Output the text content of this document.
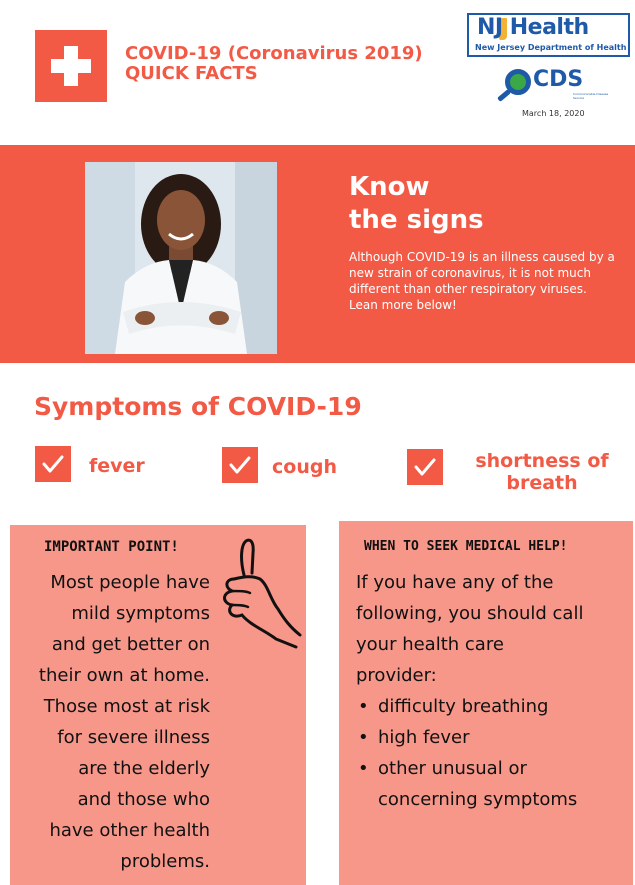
COVID-19 (Coronavirus 2019)
QUICK FACTS
NJ Health
New Jersey Department of Health
CDS
Communicable Disease Service
March 18, 2020
Know
the signs
Although COVID-19 is an illness caused by a new strain of coronavirus, it is not much different than other respiratory viruses. Lean more below!
Symptoms of COVID-19
fever	cough	shortness of
breath
IMPORTANT POINT!
Most people have
mild symptoms
and get better on
their own at home.
Those most at risk
for severe illness
are the elderly
and those who
have other health
problems.
WHEN TO SEEK MEDICAL HELP!
If you have any of the
following, you should call
your health care
provider:
• difficulty breathing
• high fever
• other unusual or
concerning symptoms
